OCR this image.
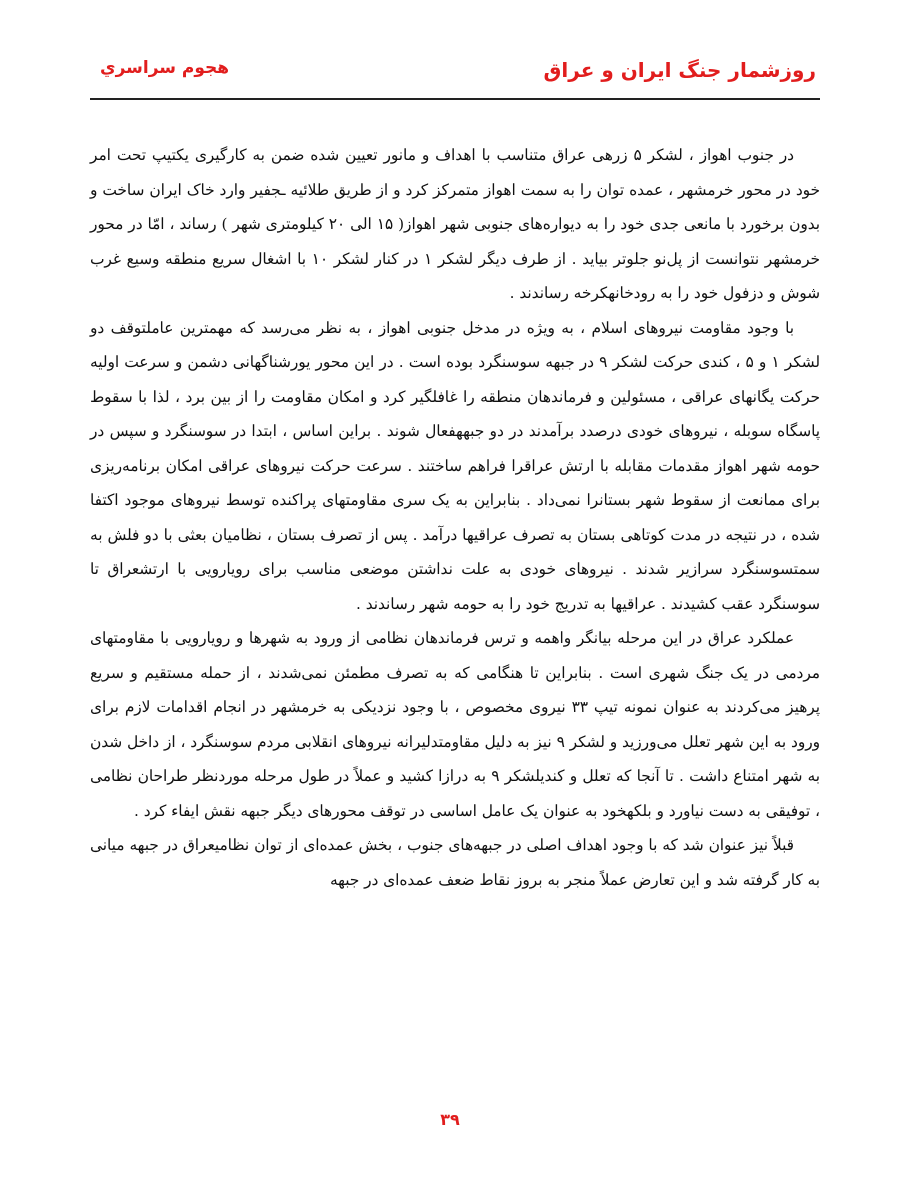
روزشمار جنگ ایران و عراق
هجوم سراسري

در جنوب اهواز ، لشکر ۵ زرهی عراق متناسب با اهداف و مانور تعیین شده ضمن به کارگیری یکتیپ تحت امر خود در محور خرمشهر ، عمده توان را به سمت اهواز متمرکز کرد و از طریق طلائیه ـجفیر وارد خاک ایران ساخت و بدون برخورد با مانعی جدی خود را به دیوارەهای جنوبی شهر اهواز( ۱۵ الی ۲۰ کیلومتری شهر ) رساند ، امّا در محور خرمشهر نتوانست از پل‌نو جلوتر بیاید . از طرف دیگر لشکر ۱ در کنار لشکر ۱۰ با اشغال سریع منطقه وسیع غرب شوش و دزفول خود را به رودخانهکرخه رساندند .

با وجود مقاومت نیروهای اسلام ، به ویژه در مدخل جنوبی اهواز ، به نظر می‌رسد که مهمترین عاملتوقف دو لشکر ۱ و ۵ ، کندی حرکت لشکر ۹ در جبهه سوسنگرد بوده است . در این محور یورشناگهانی دشمن و سرعت اولیه حرکت یگانهای عراقی ، مسئولین و فرماندهان منطقه را غافلگیر کرد و امکان مقاومت را از بین برد ، لذا با سقوط پاسگاه سوبله ، نیروهای خودی درصدد برآمدند در دو جبههفعال شوند . براین اساس ، ابتدا در سوسنگرد و سپس در حومه شهر اهواز مقدمات مقابله با ارتش عراقرا فراهم ساختند . سرعت حرکت نیروهای عراقی امکان برنامه‌ریزی برای ممانعت از سقوط شهر بستانرا نمی‌داد . بنابراین به یک سری مقاومتهای پراکنده توسط نیروهای موجود اکتفا شده ، در نتیجه در مدت کوتاهی بستان به تصرف عراقیها درآمد . پس از تصرف بستان ، نظامیان بعثی با دو فلش به سمتسوسنگرد سرازیر شدند . نیروهای خودی به علت نداشتن موضعی مناسب برای رویارویی با ارتشعراق تا سوسنگرد عقب کشیدند . عراقیها به تدریج خود را به حومه شهر رساندند .

عملکرد عراق در این مرحله بیانگر واهمه و ترس فرماندهان نظامی از ورود به شهرها و رویارویی با مقاومتهای مردمی در یک جنگ شهری است . بنابراین تا هنگامی که به تصرف مطمئن نمی‌شدند ، از حمله مستقیم و سریع پرهیز می‌کردند به عنوان نمونه تیپ ۳۳ نیروی مخصوص ، با وجود نزدیکی به خرمشهر در انجام اقدامات لازم برای ورود به این شهر تعلل می‌ورزید و لشکر ۹ نیز به دلیل مقاومتدلیرانه نیروهای انقلابی مردم سوسنگرد ، از داخل شدن به شهر امتناع داشت . تا آنجا که تعلل و کندیلشکر ۹ به درازا کشید و عملاً در طول مرحله موردنظر طراحان نظامی ، توفیقی به دست نیاورد و بلکهخود به عنوان یک عامل اساسی در توقف محورهای دیگر جبهه نقش ایفاء کرد .

قبلاً نیز عنوان شد که با وجود اهداف اصلی در جبهەهای جنوب ، بخش عمدەای از توان نظامیعراق در جبهه میانی به کار گرفته شد و این تعارض عملاً منجر به بروز نقاط ضعف عمدەای در جبهه

۳۹
